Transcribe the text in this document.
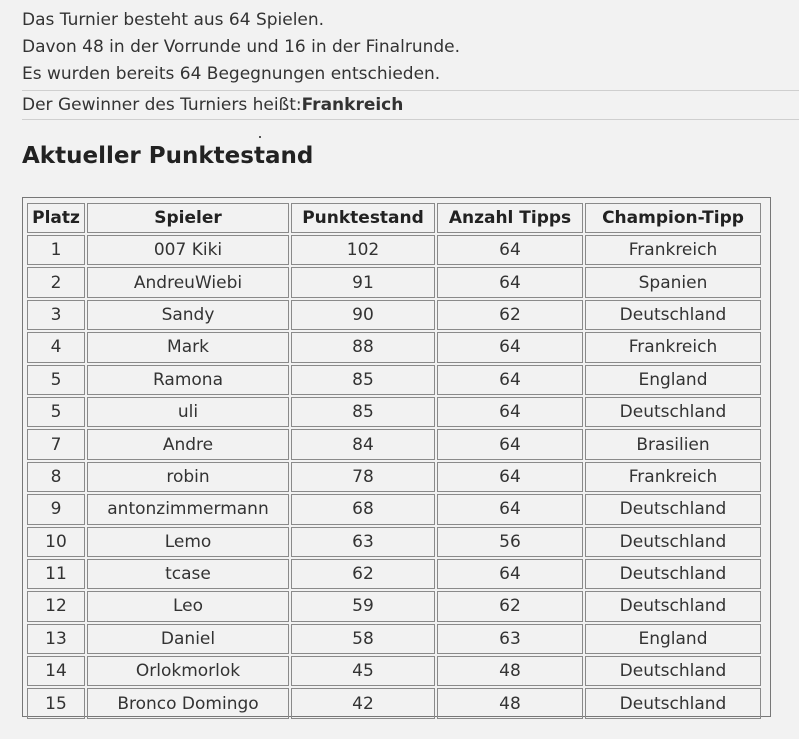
Das Turnier besteht aus 64 Spielen.
Davon 48 in der Vorrunde und 16 in der Finalrunde.
Es wurden bereits 64 Begegnungen entschieden.
Der Gewinner des Turniers heißt:Frankreich
Aktueller Punktestand
Platz	Spieler	Punktestand	Anzahl Tipps	Champion-Tipp
1	007 Kiki	102	64	Frankreich
2	AndreuWiebi	91	64	Spanien
3	Sandy	90	62	Deutschland
4	Mark	88	64	Frankreich
5	Ramona	85	64	England
5	uli	85	64	Deutschland
7	Andre	84	64	Brasilien
8	robin	78	64	Frankreich
9	antonzimmermann	68	64	Deutschland
10	Lemo	63	56	Deutschland
11	tcase	62	64	Deutschland
12	Leo	59	62	Deutschland
13	Daniel	58	63	England
14	Orlokmorlok	45	48	Deutschland
15	Bronco Domingo	42	48	Deutschland
